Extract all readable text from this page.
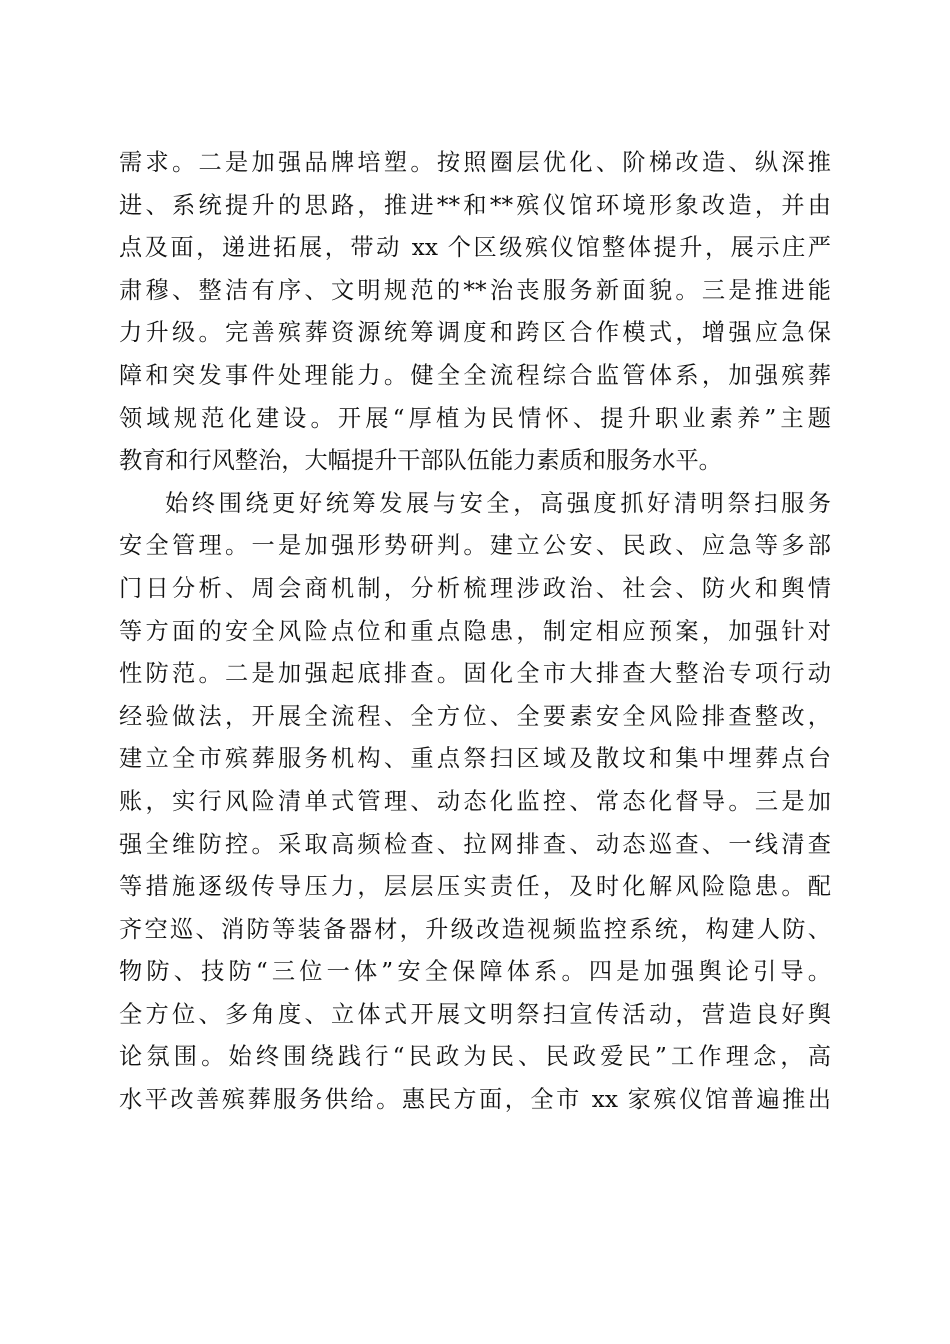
需求。二是加强品牌培塑。按照圈层优化、阶梯改造、纵深推
进、系统提升的思路，推进**和**殡仪馆环境形象改造，并由
点及面，递进拓展，带动 xx 个区级殡仪馆整体提升，展示庄严
肃穆、整洁有序、文明规范的**治丧服务新面貌。三是推进能
力升级。完善殡葬资源统筹调度和跨区合作模式，增强应急保
障和突发事件处理能力。健全全流程综合监管体系，加强殡葬
领域规范化建设。开展“厚植为民情怀、提升职业素养”主题
教育和行风整治，大幅提升干部队伍能力素质和服务水平。
始终围绕更好统筹发展与安全，高强度抓好清明祭扫服务
安全管理。一是加强形势研判。建立公安、民政、应急等多部
门日分析、周会商机制，分析梳理涉政治、社会、防火和舆情
等方面的安全风险点位和重点隐患，制定相应预案，加强针对
性防范。二是加强起底排查。固化全市大排查大整治专项行动
经验做法，开展全流程、全方位、全要素安全风险排查整改，
建立全市殡葬服务机构、重点祭扫区域及散坟和集中埋葬点台
账，实行风险清单式管理、动态化监控、常态化督导。三是加
强全维防控。采取高频检查、拉网排查、动态巡查、一线清查
等措施逐级传导压力，层层压实责任，及时化解风险隐患。配
齐空巡、消防等装备器材，升级改造视频监控系统，构建人防、
物防、技防“三位一体”安全保障体系。四是加强舆论引导。
全方位、多角度、立体式开展文明祭扫宣传活动，营造良好舆
论氛围。始终围绕践行“民政为民、民政爱民”工作理念，高
水平改善殡葬服务供给。惠民方面，全市 xx 家殡仪馆普遍推出
